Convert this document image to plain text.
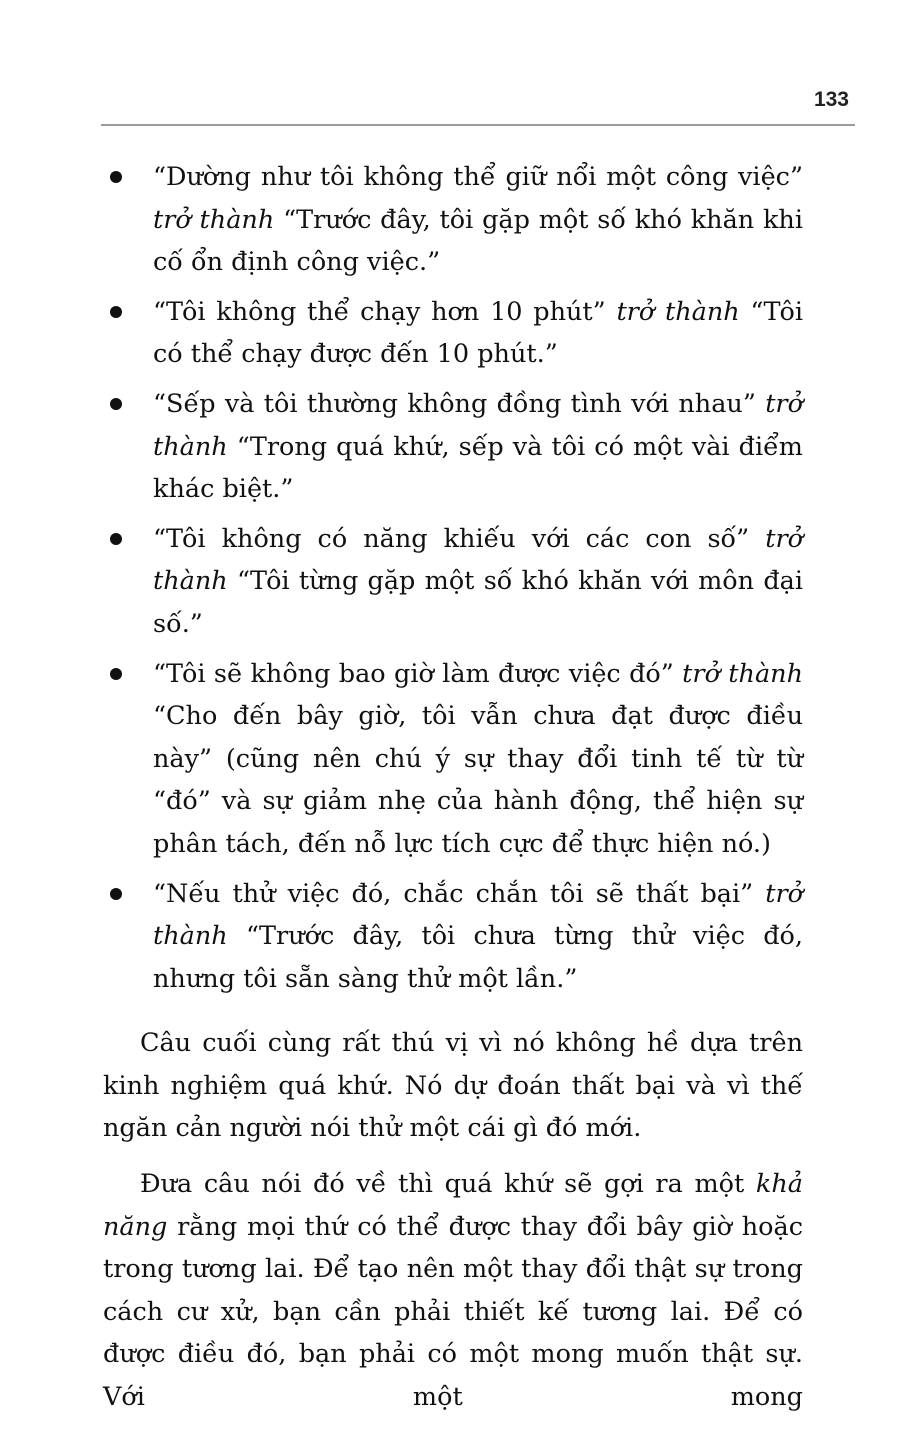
133
“Dường như tôi không thể giữ nổi một công việc” trở thành “Trước đây, tôi gặp một số khó khăn khi cố ổn định công việc.”
“Tôi không thể chạy hơn 10 phút” trở thành “Tôi có thể chạy được đến 10 phút.”
“Sếp và tôi thường không đồng tình với nhau” trở thành “Trong quá khứ, sếp và tôi có một vài điểm khác biệt.”
“Tôi không có năng khiếu với các con số” trở thành “Tôi từng gặp một số khó khăn với môn đại số.”
“Tôi sẽ không bao giờ làm được việc đó” trở thành “Cho đến bây giờ, tôi vẫn chưa đạt được điều này” (cũng nên chú ý sự thay đổi tinh tế từ từ “đó” và sự giảm nhẹ của hành động, thể hiện sự phân tách, đến nỗ lực tích cực để thực hiện nó.)
“Nếu thử việc đó, chắc chắn tôi sẽ thất bại” trở thành “Trước đây, tôi chưa từng thử việc đó, nhưng tôi sẵn sàng thử một lần.”

Câu cuối cùng rất thú vị vì nó không hề dựa trên kinh nghiệm quá khứ. Nó dự đoán thất bại và vì thế ngăn cản người nói thử một cái gì đó mới.

Đưa câu nói đó về thì quá khứ sẽ gợi ra một khả năng rằng mọi thứ có thể được thay đổi bây giờ hoặc trong tương lai. Để tạo nên một thay đổi thật sự trong cách cư xử, bạn cần phải thiết kế tương lai. Để có được điều đó, bạn phải có một mong muốn thật sự. Với một mong
